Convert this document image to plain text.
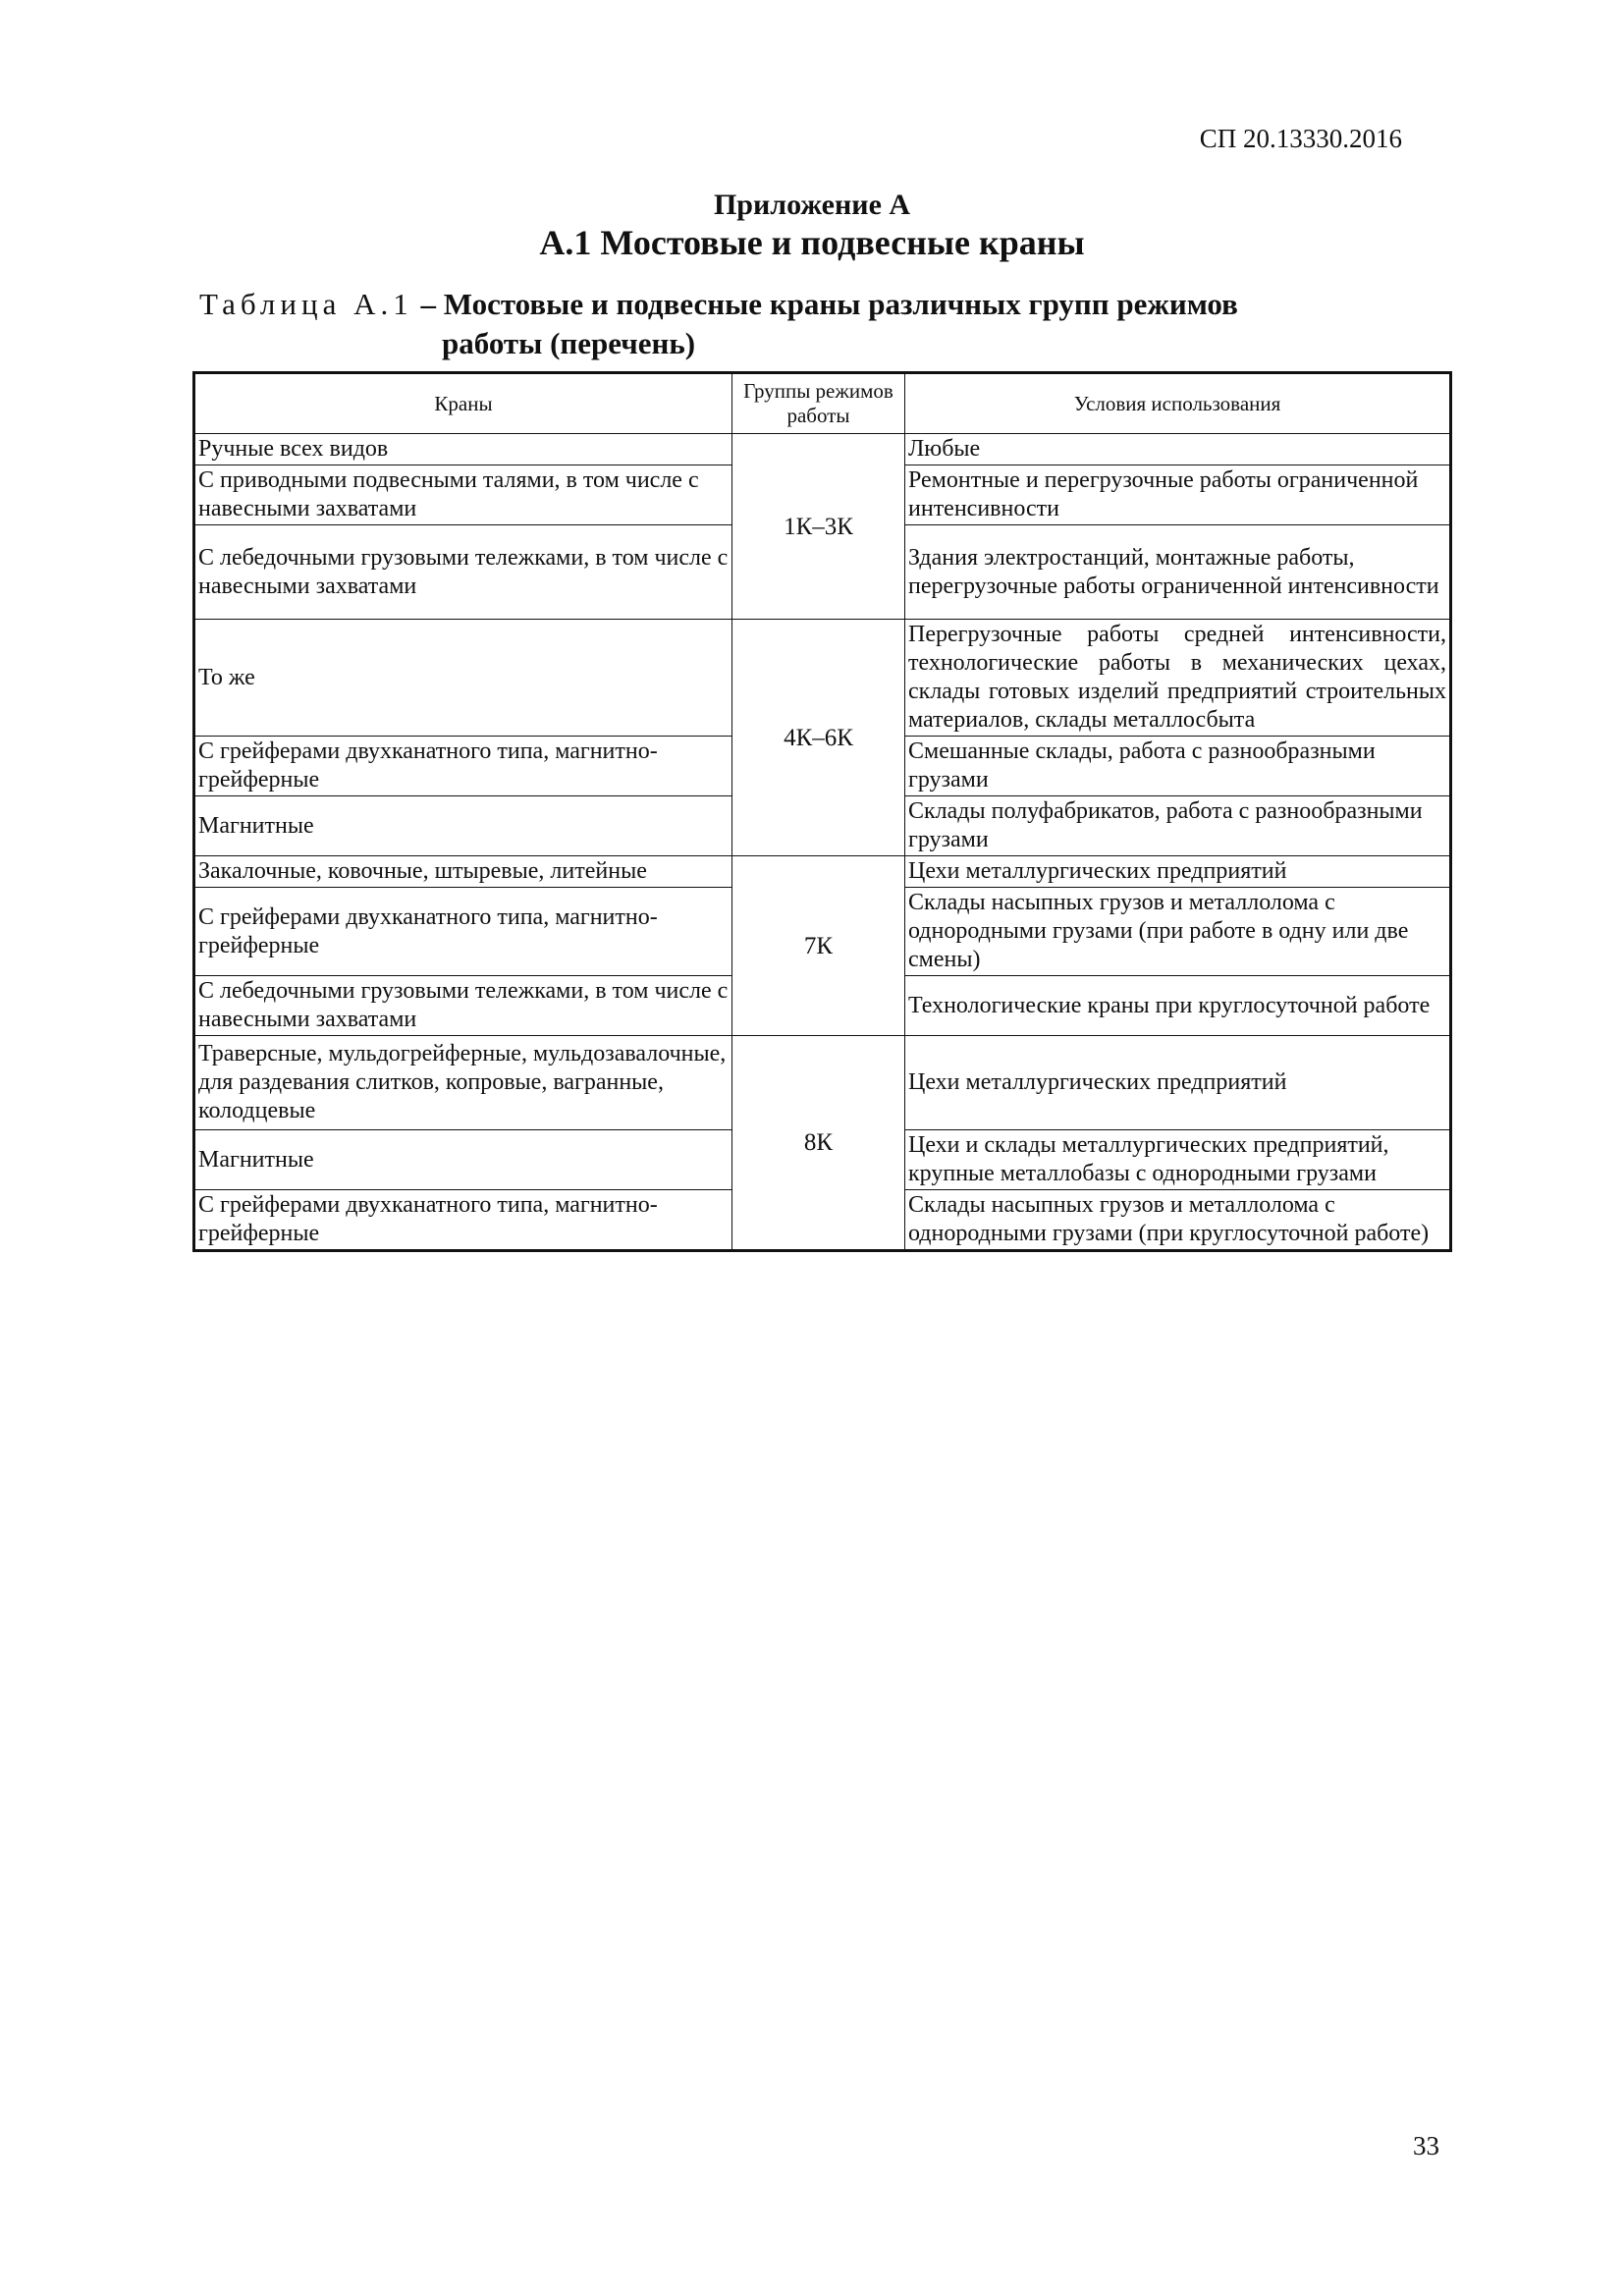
СП 20.13330.2016
Приложение А
А.1 Мостовые и подвесные краны
Таблица А.1 – Мостовые и подвесные краны различных групп режимов
работы (перечень)
Краны	Группы режимов работы	Условия использования
Ручные всех видов	1К–3К	Любые
С приводными подвесными талями, в том числе с навесными захватами		Ремонтные и перегрузочные работы ограниченной интенсивности
С лебедочными грузовыми тележками, в том числе с навесными захватами		Здания электростанций, монтажные работы, перегрузочные работы ограниченной интенсивности
То же	4К–6К	Перегрузочные работы средней интенсивности, технологические работы в механических цехах, склады готовых изделий предприятий строительных материалов, склады металлосбыта
С грейферами двухканатного типа, магнитно-грейферные		Смешанные склады, работа с разнообразными грузами
Магнитные		Склады полуфабрикатов, работа с разнообразными грузами
Закалочные, ковочные, штыревые, литейные	7К	Цехи металлургических предприятий
С грейферами двухканатного типа, магнитно-грейферные		Склады насыпных грузов и металлолома с однородными грузами (при работе в одну или две смены)
С лебедочными грузовыми тележками, в том числе с навесными захватами		Технологические краны при круглосуточной работе
Траверсные, мульдогрейферные, мульдозавалочные, для раздевания слитков, копровые, вагранные, колодцевые	8К	Цехи металлургических предприятий
Магнитные		Цехи и склады металлургических предприятий, крупные металлобазы с однородными грузами
С грейферами двухканатного типа, магнитно-грейферные		Склады насыпных грузов и металлолома с однородными грузами (при круглосуточной работе)
33
